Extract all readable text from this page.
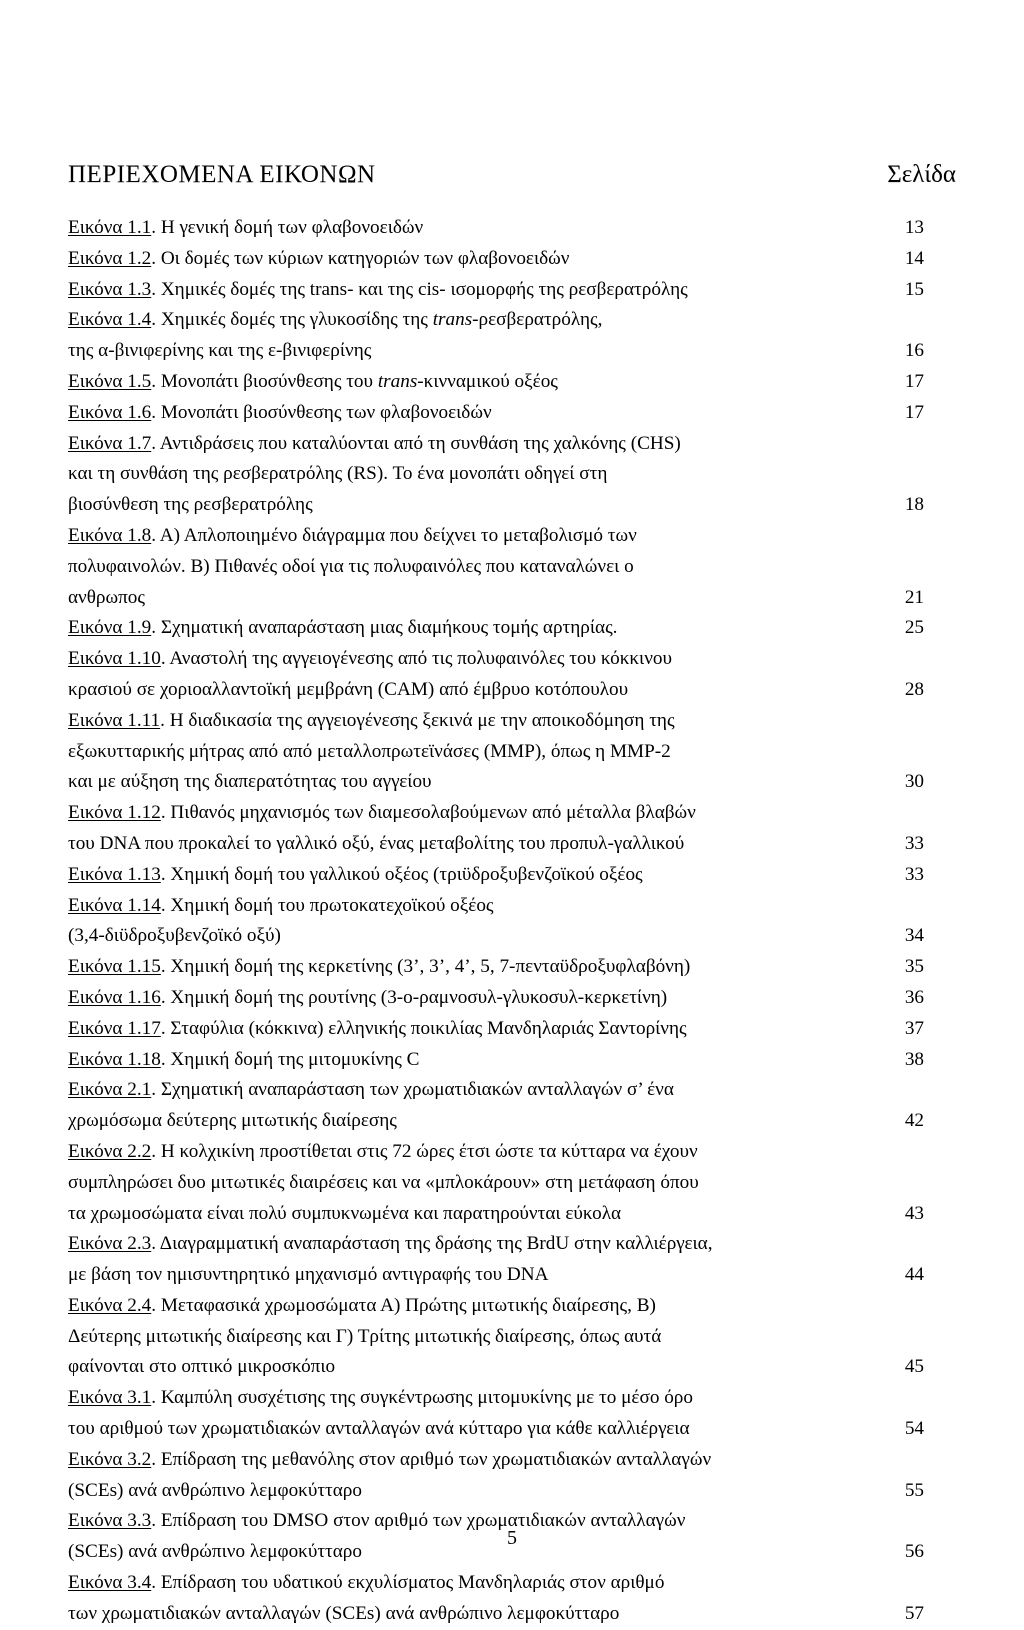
ΠΕΡΙΕΧΟΜΕΝΑ ΕΙΚΟΝΩΝ	Σελίδα
Εικόνα 1.1. Η γενική δομή των φλαβονοειδών	13
Εικόνα 1.2. Οι δομές των κύριων κατηγοριών των φλαβονοειδών	14
Εικόνα 1.3. Χημικές δομές της trans- και της cis- ισομορφής της ρεσβερατρόλης	15
Εικόνα 1.4. Χημικές δομές της γλυκοσίδης της trans-ρεσβερατρόλης,
της α-βινιφερίνης και της ε-βινιφερίνης	16
Εικόνα 1.5. Μονοπάτι βιοσύνθεσης του trans-κινναμικού οξέος	17
Εικόνα 1.6. Μονοπάτι βιοσύνθεσης των φλαβονοειδών	17
Εικόνα 1.7. Αντιδράσεις που καταλύονται από τη συνθάση της χαλκόνης (CHS)
και τη συνθάση της ρεσβερατρόλης (RS). Το ένα μονοπάτι οδηγεί στη
βιοσύνθεση της ρεσβερατρόλης	18
Εικόνα 1.8. Α) Απλοποιημένο διάγραμμα που δείχνει το μεταβολισμό των
πολυφαινολών. Β) Πιθανές οδοί για τις πολυφαινόλες που καταναλώνει ο
ανθρωπος	21
Εικόνα 1.9. Σχηματική αναπαράσταση μιας διαμήκους τομής αρτηρίας.	25
Εικόνα 1.10. Αναστολή της αγγειογένεσης από τις πολυφαινόλες του κόκκινου
κρασιού σε χοριοαλλαντοϊκή μεμβράνη (CAM) από έμβρυο κοτόπουλου	28
Εικόνα 1.11. Η διαδικασία της αγγειογένεσης ξεκινά με την αποικοδόμηση της
εξωκυτταρικής μήτρας από από μεταλλοπρωτεϊνάσες (MMP), όπως η MMP-2
και με αύξηση της διαπερατότητας του αγγείου	30
Εικόνα 1.12. Πιθανός μηχανισμός των διαμεσολαβούμενων από μέταλλα βλαβών
του DNA που προκαλεί το γαλλικό οξύ, ένας μεταβολίτης του προπυλ-γαλλικού	33
Εικόνα 1.13. Χημική δομή του γαλλικού οξέος (τριϋδροξυβενζοϊκού οξέος	33
Εικόνα 1.14. Χημική δομή του πρωτοκατεχοϊκού οξέος
(3,4-διϋδροξυβενζοϊκό οξύ)	34
Εικόνα 1.15. Χημική δομή της κερκετίνης (3’, 3’, 4’, 5, 7-πενταϋδροξυφλαβόνη)	35
Εικόνα 1.16. Χημική δομή της ρουτίνης (3-ο-ραμνοσυλ-γλυκοσυλ-κερκετίνη)	36
Εικόνα 1.17. Σταφύλια (κόκκινα) ελληνικής ποικιλίας Μανδηλαριάς Σαντορίνης	37
Εικόνα 1.18. Χημική δομή της μιτομυκίνης C	38
Εικόνα 2.1. Σχηματική αναπαράσταση των χρωματιδιακών ανταλλαγών σ’ ένα
χρωμόσωμα δεύτερης μιτωτικής διαίρεσης	42
Εικόνα 2.2. Η κολχικίνη προστίθεται στις 72 ώρες έτσι ώστε τα κύτταρα να έχουν
συμπληρώσει δυο μιτωτικές διαιρέσεις και να «μπλοκάρουν» στη μετάφαση όπου
τα χρωμοσώματα είναι πολύ συμπυκνωμένα και παρατηρούνται εύκολα	43
Εικόνα 2.3. Διαγραμματική αναπαράσταση της δράσης της BrdU στην καλλιέργεια,
με βάση τον ημισυντηρητικό μηχανισμό αντιγραφής του DNA	44
Εικόνα 2.4. Μεταφασικά χρωμοσώματα Α) Πρώτης μιτωτικής διαίρεσης, Β)
Δεύτερης μιτωτικής διαίρεσης και Γ) Τρίτης μιτωτικής διαίρεσης, όπως αυτά
φαίνονται στο οπτικό μικροσκόπιο	45
Εικόνα 3.1. Καμπύλη συσχέτισης της συγκέντρωσης μιτομυκίνης με το μέσο όρο
του αριθμού των χρωματιδιακών ανταλλαγών ανά κύτταρο για κάθε καλλιέργεια	54
Εικόνα 3.2. Επίδραση της μεθανόλης στον αριθμό των χρωματιδιακών ανταλλαγών
(SCEs) ανά ανθρώπινο λεμφοκύτταρο	55
Εικόνα 3.3. Επίδραση του DMSO στον αριθμό των χρωματιδιακών ανταλλαγών
(SCEs) ανά ανθρώπινο λεμφοκύτταρο	56
Εικόνα 3.4. Επίδραση του υδατικού εκχυλίσματος Μανδηλαριάς στον αριθμό
των χρωματιδιακών ανταλλαγών (SCEs) ανά ανθρώπινο λεμφοκύτταρο	57
5
